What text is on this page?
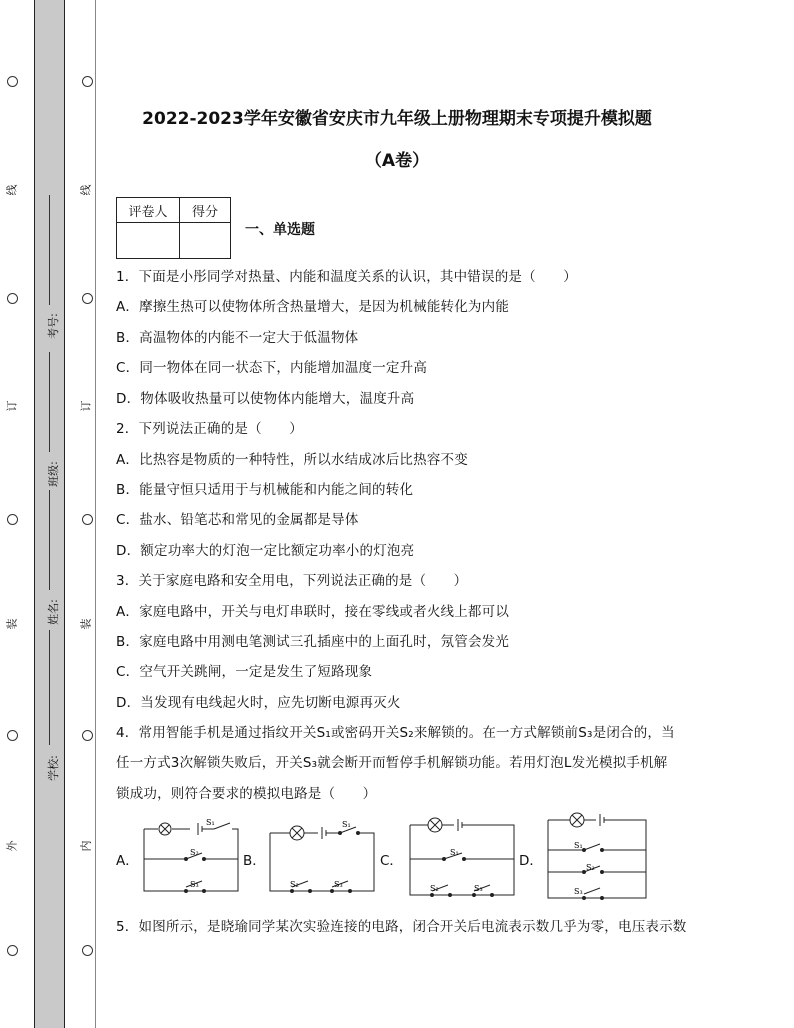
线
订
装
外
考号:
班级:
姓名:
学校:
线
订
装
内
2022-2023学年安徽省安庆市九年级上册物理期末专项提升模拟题
（A卷）
评卷人	得分

一、单选题
1．下面是小彤同学对热量、内能和温度关系的认识，其中错误的是（　　）
A．摩擦生热可以使物体所含热量增大，是因为机械能转化为内能
B．高温物体的内能不一定大于低温物体
C．同一物体在同一状态下，内能增加温度一定升高
D．物体吸收热量可以使物体内能增大，温度升高
2．下列说法正确的是（　　）
A．比热容是物质的一种特性，所以水结成冰后比热容不变
B．能量守恒只适用于与机械能和内能之间的转化
C．盐水、铅笔芯和常见的金属都是导体
D．额定功率大的灯泡一定比额定功率小的灯泡亮
3．关于家庭电路和安全用电，下列说法正确的是（　　）
A．家庭电路中，开关与电灯串联时，接在零线或者火线上都可以
B．家庭电路中用测电笔测试三孔插座中的上面孔时，氖管会发光
C．空气开关跳闸，一定是发生了短路现象
D．当发现有电线起火时，应先切断电源再灭火
4．常用智能手机是通过指纹开关S₁或密码开关S₂来解锁的。在一方式解锁前S₃是闭合的，当
任一方式3次解锁失败后，开关S₃就会断开而暂停手机解锁功能。若用灯泡L发光模拟手机解
锁成功，则符合要求的模拟电路是（　　）
A．	B．	C．	D．
S₁
S₂
S₃
S₁
S₂	S₃
S₁
S₂	S₃
S₁
S₂
S₃
5．如图所示，是晓瑜同学某次实验连接的电路，闭合开关后电流表示数几乎为零，电压表示数
